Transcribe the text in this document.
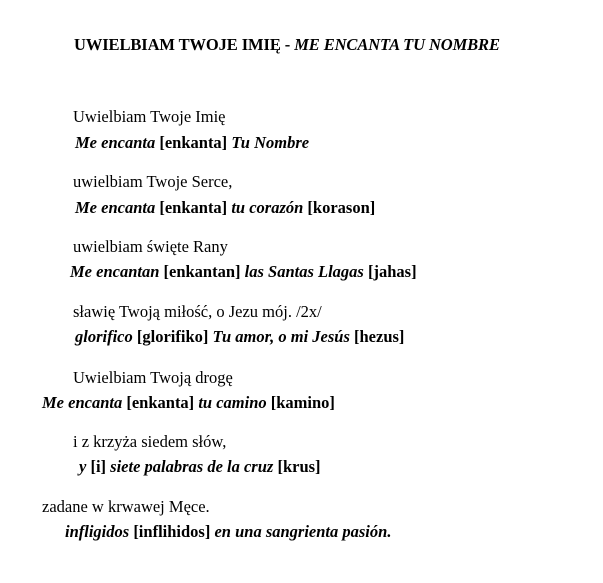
UWIELBIAM TWOJE IMIĘ - ME ENCANTA TU NOMBRE
Uwielbiam Twoje Imię
Me encanta [enkanta] Tu Nombre
uwielbiam Twoje Serce,
Me encanta [enkanta] tu corazón [korason]
uwielbiam święte Rany
Me encantan [enkantan] las Santas Llagas [jahas]
sławię Twoją miłość, o Jezu mój. /2x/
glorifico [glorifiko] Tu amor, o mi Jesús [hezus]
Uwielbiam Twoją drogę
Me encanta [enkanta] tu camino [kamino]
i z krzyża siedem słów,
y [i] siete palabras de la cruz [krus]
zadane w krwawej Męce.
infligidos [inflihidos] en una sangrienta pasión.
